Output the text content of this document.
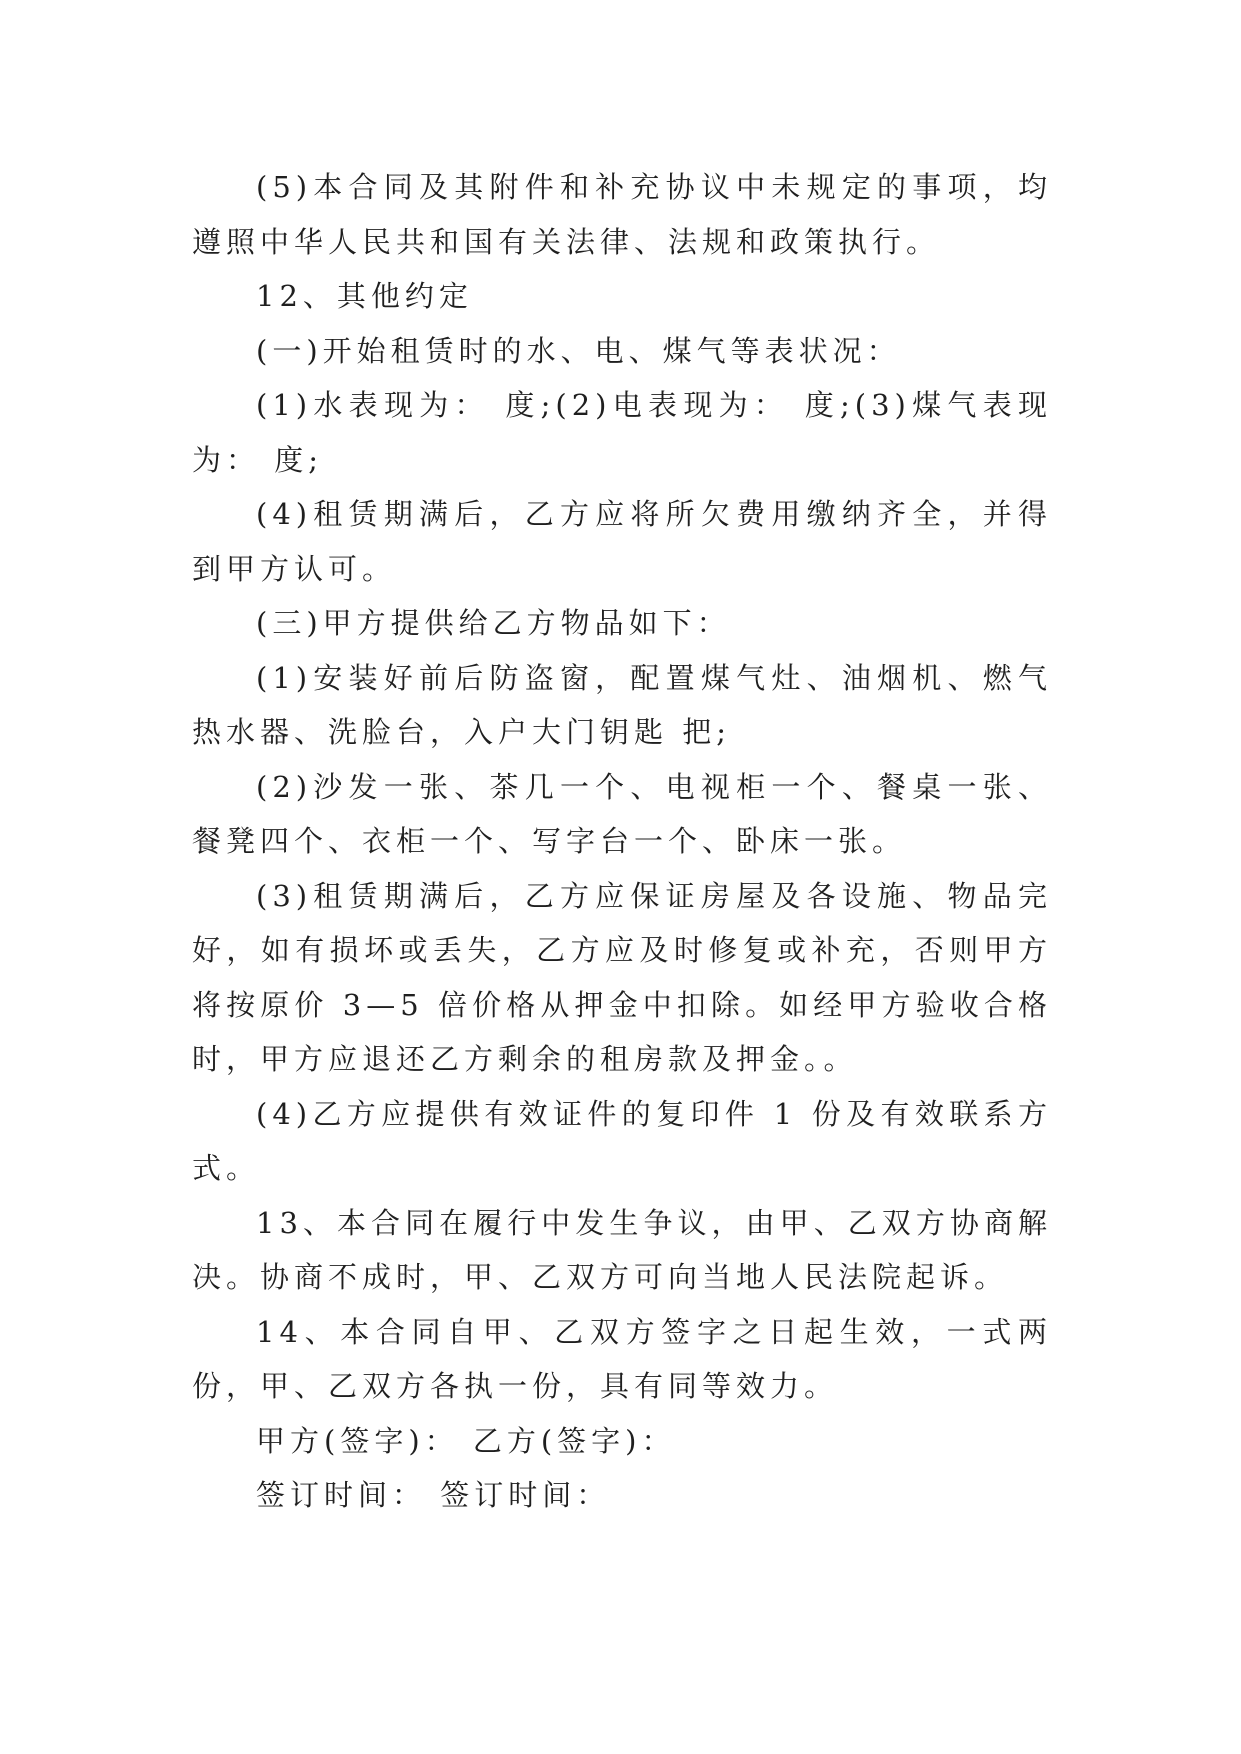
(5)本合同及其附件和补充协议中未规定的事项，均遵照中华人民共和国有关法律、法规和政策执行。

12、其他约定

(一)开始租赁时的水、电、煤气等表状况：

(1)水表现为： 度;(2)电表现为： 度;(3)煤气表现为： 度;

(4)租赁期满后，乙方应将所欠费用缴纳齐全，并得到甲方认可。

(三)甲方提供给乙方物品如下：

(1)安装好前后防盗窗，配置煤气灶、油烟机、燃气热水器、洗脸台，入户大门钥匙 把;

(2)沙发一张、茶几一个、电视柜一个、餐桌一张、餐凳四个、衣柜一个、写字台一个、卧床一张。

(3)租赁期满后，乙方应保证房屋及各设施、物品完好，如有损坏或丢失，乙方应及时修复或补充，否则甲方将按原价 3—5 倍价格从押金中扣除。如经甲方验收合格时，甲方应退还乙方剩余的租房款及押金。。

(4)乙方应提供有效证件的复印件 1 份及有效联系方式。

13、本合同在履行中发生争议，由甲、乙双方协商解决。协商不成时，甲、乙双方可向当地人民法院起诉。

14、本合同自甲、乙双方签字之日起生效，一式两份，甲、乙双方各执一份，具有同等效力。

甲方(签字)： 乙方(签字)：

签订时间： 签订时间：
